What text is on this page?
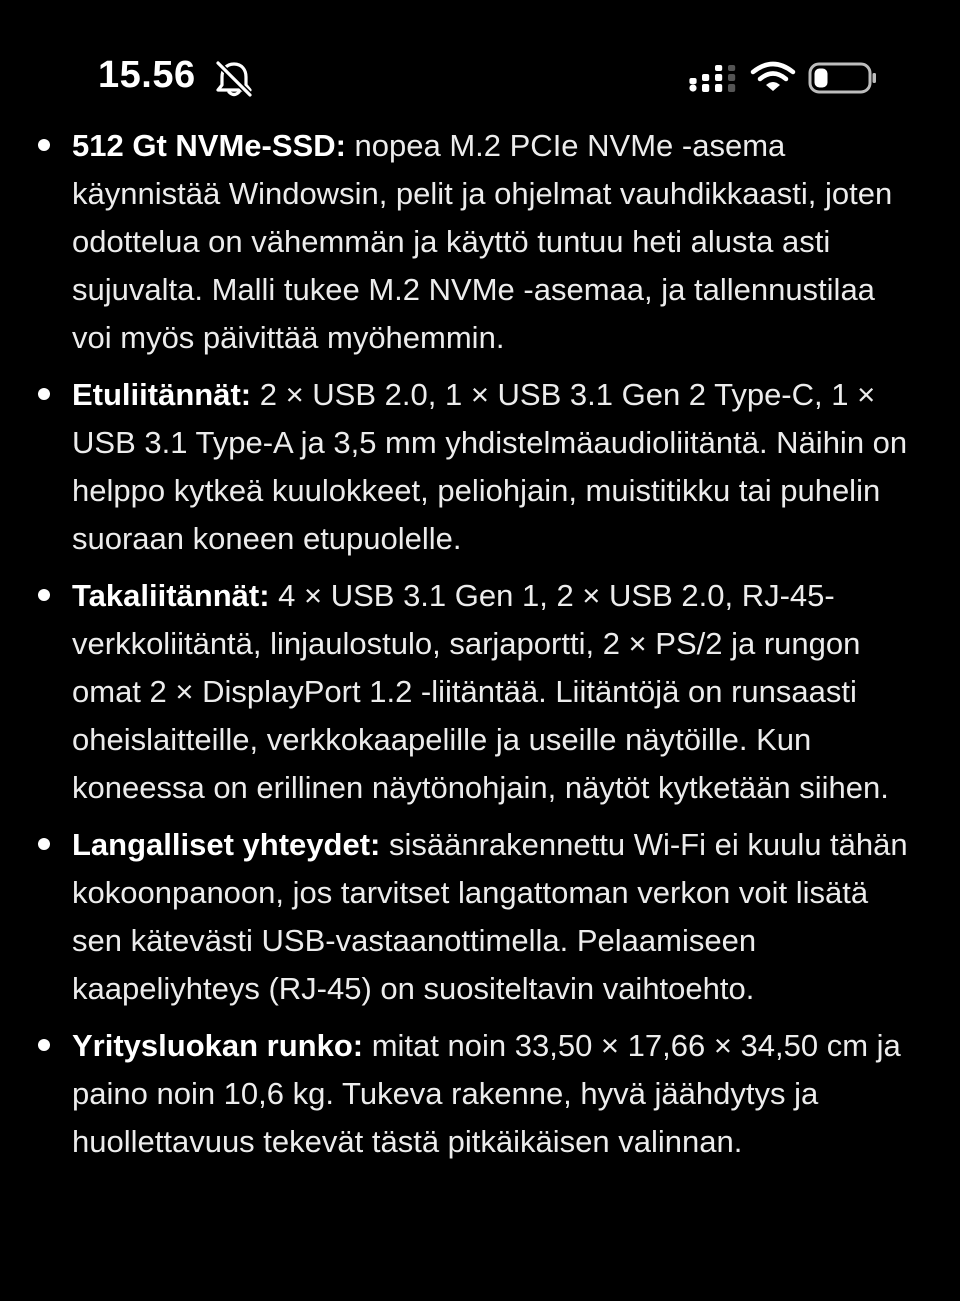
15.56
512 Gt NVMe-SSD: nopea M.2 PCIe NVMe -asema käynnistää Windowsin, pelit ja ohjelmat vauhdikkaasti, joten odottelua on vähemmän ja käyttö tuntuu heti alusta asti sujuvalta. Malli tukee M.2 NVMe -asemaa, ja tallennustilaa voi myös päivittää myöhemmin.
Etuliitännät: 2 × USB 2.0, 1 × USB 3.1 Gen 2 Type-C, 1 × USB 3.1 Type-A ja 3,5 mm yhdistelmäaudioliitäntä. Näihin on helppo kytkeä kuulokkeet, peliohjain, muistitikku tai puhelin suoraan koneen etupuolelle.
Takaliitännät: 4 × USB 3.1 Gen 1, 2 × USB 2.0, RJ-45-verkkoliitäntä, linjaulostulo, sarjaportti, 2 × PS/2 ja rungon omat 2 × DisplayPort 1.2 -liitäntää. Liitäntöjä on runsaasti oheislaitteille, verkkokaapelille ja useille näytöille. Kun koneessa on erillinen näytönohjain, näytöt kytketään siihen.
Langalliset yhteydet: sisäänrakennettu Wi-Fi ei kuulu tähän kokoonpanoon, jos tarvitset langattoman verkon voit lisätä sen kätevästi USB-vastaanottimella. Pelaamiseen kaapeliyhteys (RJ-45) on suositeltavin vaihtoehto.
Yritysluokan runko: mitat noin 33,50 × 17,66 × 34,50 cm ja paino noin 10,6 kg. Tukeva rakenne, hyvä jäähdytys ja huollettavuus tekevät tästä pitkäikäisen valinnan.
